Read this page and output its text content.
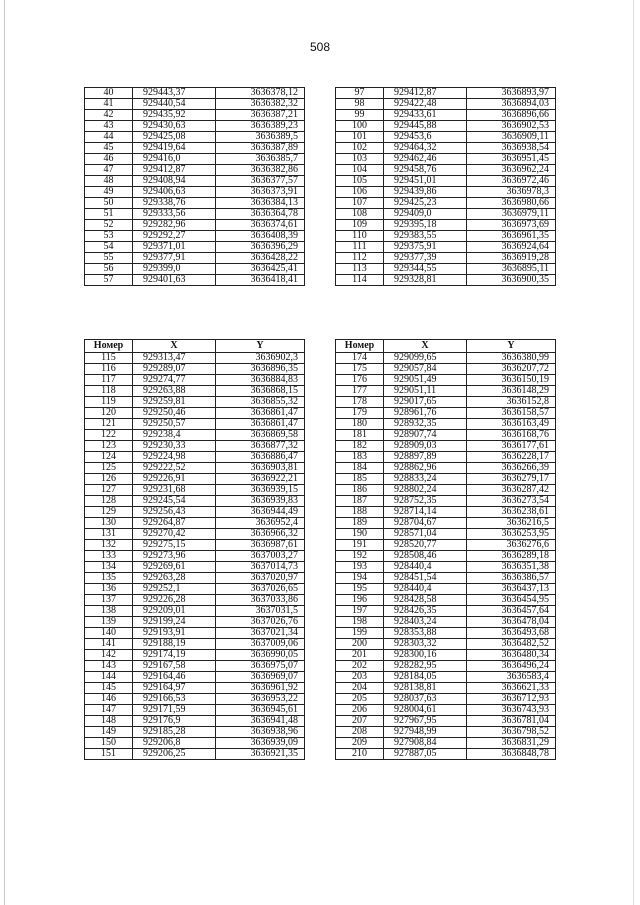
508
40	929443,37	3636378,12
41	929440,54	3636382,32
42	929435,92	3636387,21
43	929430,63	3636389,23
44	929425,08	3636389,5
45	929419,64	3636387,89
46	929416,0	3636385,7
47	929412,87	3636382,86
48	929408,94	3636377,57
49	929406,63	3636373,91
50	929338,76	3636384,13
51	929333,56	3636364,78
52	929282,96	3636374,61
53	929292,27	3636408,39
54	929371,01	3636396,29
55	929377,91	3636428,22
56	929399,0	3636425,41
57	929401,63	3636418,41
97	929412,87	3636893,97
98	929422,48	3636894,03
99	929433,61	3636896,66
100	929445,88	3636902,53
101	929453,6	3636909,11
102	929464,32	3636938,54
103	929462,46	3636951,45
104	929458,76	3636962,24
105	929451,01	3636972,46
106	929439,86	3636978,3
107	929425,23	3636980,66
108	929409,0	3636979,11
109	929395,18	3636973,69
110	929383,55	3636961,35
111	929375,91	3636924,64
112	929377,39	3636919,28
113	929344,55	3636895,11
114	929328,81	3636900,35
Номер	X	Y
115	929313,47	3636902,3
116	929289,07	3636896,35
117	929274,77	3636884,83
118	929263,88	3636868,15
119	929259,81	3636855,32
120	929250,46	3636861,47
121	929250,57	3636861,47
122	929238,4	3636869,58
123	929230,33	3636877,32
124	929224,98	3636886,47
125	929222,52	3636903,81
126	929226,91	3636922,21
127	929231,68	3636939,15
128	929245,54	3636939,83
129	929256,43	3636944,49
130	929264,87	3636952,4
131	929270,42	3636966,32
132	929275,15	3636987,61
133	929273,96	3637003,27
134	929269,61	3637014,73
135	929263,28	3637020,97
136	929252,1	3637026,65
137	929226,28	3637033,86
138	929209,01	3637031,5
139	929199,24	3637026,76
140	929193,91	3637021,34
141	929188,19	3637009,06
142	929174,19	3636990,05
143	929167,58	3636975,07
144	929164,46	3636969,07
145	929164,97	3636961,92
146	929166,53	3636953,22
147	929171,59	3636945,61
148	929176,9	3636941,48
149	929185,28	3636938,96
150	929206,8	3636939,09
151	929206,25	3636921,35
Номер	X	Y
174	929099,65	3636380,99
175	929057,84	3636207,72
176	929051,49	3636150,19
177	929051,11	3636148,29
178	929017,65	3636152,8
179	928961,76	3636158,57
180	928932,35	3636163,49
181	928907,74	3636168,76
182	928909,03	3636177,61
183	928897,89	3636228,17
184	928862,96	3636266,39
185	928833,24	3636279,17
186	928802,24	3636287,42
187	928752,35	3636273,54
188	928714,14	3636238,61
189	928704,67	3636216,5
190	928571,04	3636253,95
191	928520,77	3636276,6
192	928508,46	3636289,18
193	928440,4	3636351,38
194	928451,54	3636386,57
195	928440,4	3636437,13
196	928428,58	3636454,95
197	928426,35	3636457,64
198	928403,24	3636478,04
199	928353,88	3636493,68
200	928303,32	3636482,52
201	928300,16	3636480,34
202	928282,95	3636496,24
203	928184,05	3636583,4
204	928138,81	3636621,33
205	928037,63	3636712,93
206	928004,61	3636743,93
207	927967,95	3636781,04
208	927948,99	3636798,52
209	927908,84	3636831,29
210	927887,05	3636848,78
